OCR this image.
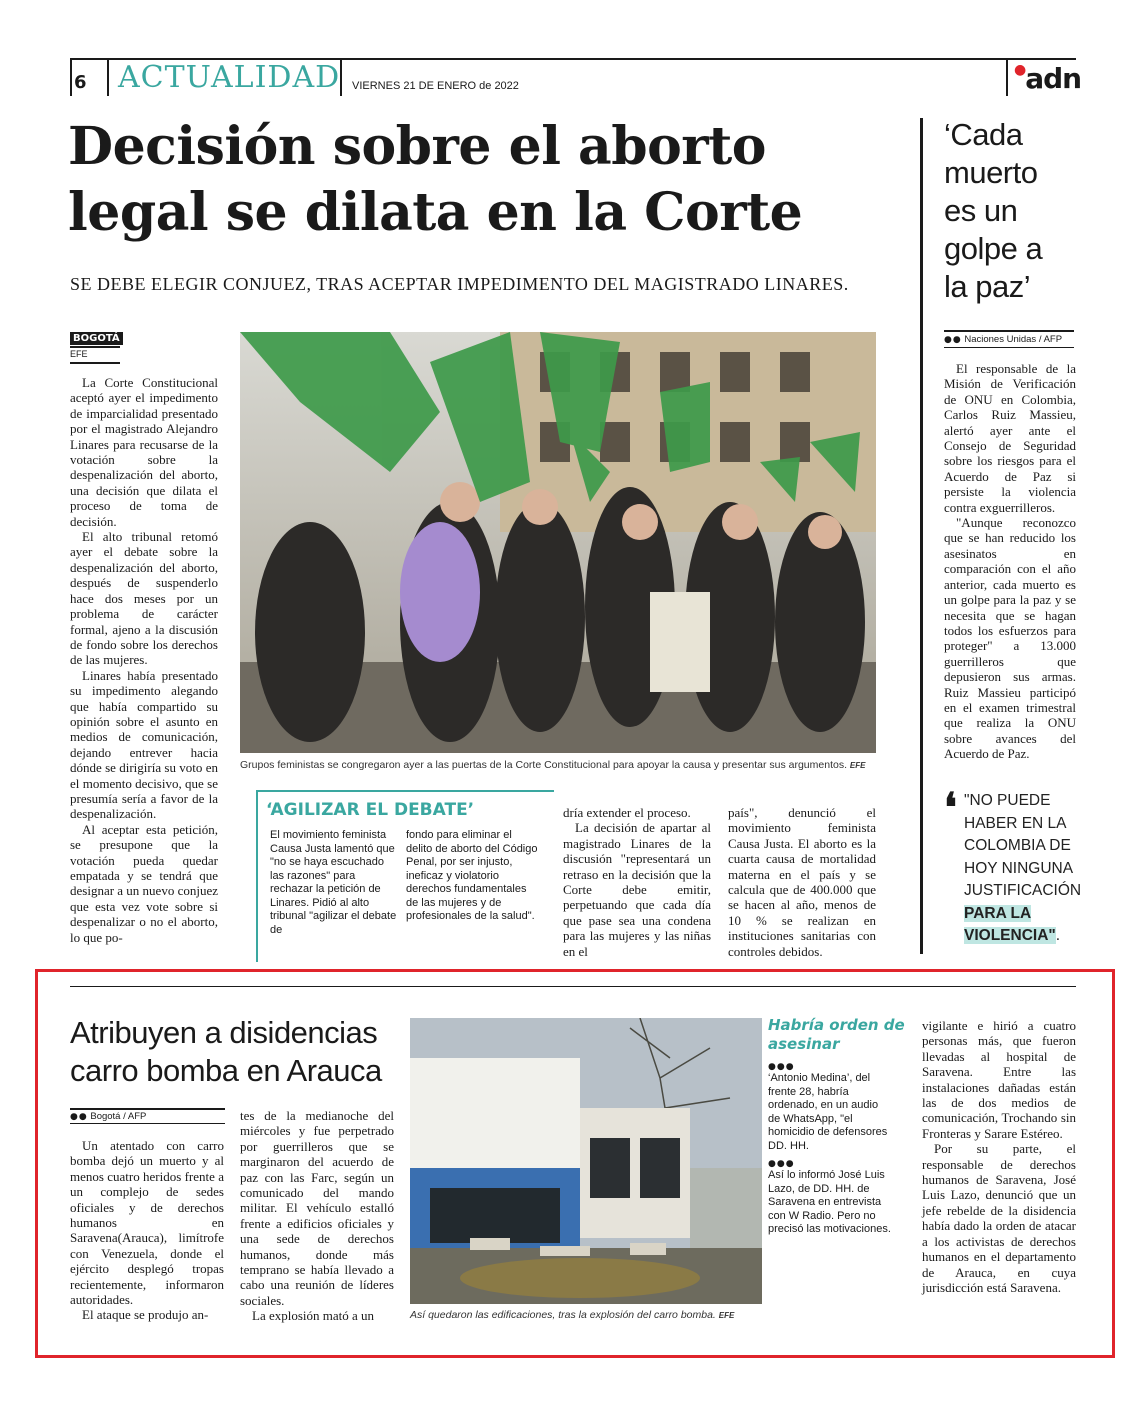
6 ACTUALIDAD VIERNES 21 DE ENERO de 2022
●adn
Decisión sobre el aborto
legal se dilata en la Corte
SE DEBE ELEGIR CONJUEZ, TRAS ACEPTAR IMPEDIMENTO DEL MAGISTRADO LINARES.
BOGOTÁ
EFE

La Corte Constitucional aceptó ayer el impedimento de imparcialidad presentado por el magistrado Alejandro Linares para recusarse de la votación sobre la despenalización del aborto, una decisión que dilata el proceso de toma de decisión.

El alto tribunal retomó ayer el debate sobre la despenalización del aborto, después de suspenderlo hace dos meses por un problema de carácter formal, ajeno a la discusión de fondo sobre los derechos de las mujeres.

Linares había presentado su impedimento alegando que había compartido su opinión sobre el asunto en medios de comunicación, dejando entrever hacia dónde se dirigiría su voto en el momento decisivo, que se presumía sería a favor de la despenalización.

Al aceptar esta petición, se presupone que la votación pueda quedar empatada y se tendrá que designar a un nuevo conjuez que esta vez vote sobre si despenalizar o no el aborto, lo que po-

Grupos feministas se congregaron ayer a las puertas de la Corte Constitucional para apoyar la causa y presentar sus argumentos. EFE
‘AGILIZAR EL DEBATE’
El movimiento feminista Causa Justa lamentó que "no se haya escuchado las razones" para rechazar la petición de Linares. Pidió al alto tribunal "agilizar el debate de
fondo para eliminar el delito de aborto del Código Penal, por ser injusto, ineficaz y violatorio derechos fundamentales de las mujeres y de profesionales de la salud".

dría extender el proceso.

La decisión de apartar al magistrado Linares de la discusión "representará un retraso en la decisión que la Corte debe emitir, perpetuando que cada día que pase sea una condena para las mujeres y las niñas en el

país", denunció el movimiento feminista Causa Justa. El aborto es la cuarta causa de mortalidad materna en el país y se calcula que de 400.000 que se hacen al año, menos de 10 % se realizan en instituciones sanitarias con controles debidos.

‘Cada
muerto
es un
golpe a
la paz’
●● Naciones Unidas / AFP

El responsable de la Misión de Verificación de ONU en Colombia, Carlos Ruiz Massieu, alertó ayer ante el Consejo de Seguridad sobre los riesgos para el Acuerdo de Paz si persiste la violencia contra exguerrilleros.

"Aunque reconozco que se han reducido los asesinatos en comparación con el año anterior, cada muerto es un golpe para la paz y se necesita que se hagan todos los esfuerzos para proteger" a 13.000 guerrilleros que depusieron sus armas. Ruiz Massieu participó en el examen trimestral que realiza la ONU sobre avances del Acuerdo de Paz.

❛ "NO PUEDE HABER EN LA COLOMBIA DE HOY NINGUNA JUSTIFICACIÓN PARA LA VIOLENCIA".
Atribuyen a disidencias
carro bomba en Arauca
●● Bogotá / AFP

Un atentado con carro bomba dejó un muerto y al menos cuatro heridos frente a un complejo de sedes oficiales y de derechos humanos en Saravena(Arauca), limítrofe con Venezuela, donde el ejército desplegó tropas recientemente, informaron autoridades.

El ataque se produjo an-

tes de la medianoche del miércoles y fue perpetrado por guerrilleros que se marginaron del acuerdo de paz con las Farc, según un comunicado del mando militar. El vehículo estalló frente a edificios oficiales y una sede de derechos humanos, donde más temprano se había llevado a cabo una reunión de líderes sociales.

La explosión mató a un	Así quedaron las edificaciones, tras la explosión del carro bomba. EFE
Habría orden de asesinar
●●●
‘Antonio Medina’, del frente 28, habría ordenado, en un audio de WhatsApp, "el homicidio de defensores DD. HH.
●●●
Así lo informó José Luis Lazo, de DD. HH. de Saravena en entrevista con W Radio. Pero no precisó las motivaciones.

vigilante e hirió a cuatro personas más, que fueron llevadas al hospital de Saravena. Entre las instalaciones dañadas están las de dos medios de comunicación, Trochando sin Fronteras y Sarare Estéreo.

Por su parte, el responsable de derechos humanos de Saravena, José Luis Lazo, denunció que un jefe rebelde de la disidencia había dado la orden de atacar a los activistas de derechos humanos en el departamento de Arauca, en cuya jurisdicción está Saravena.
